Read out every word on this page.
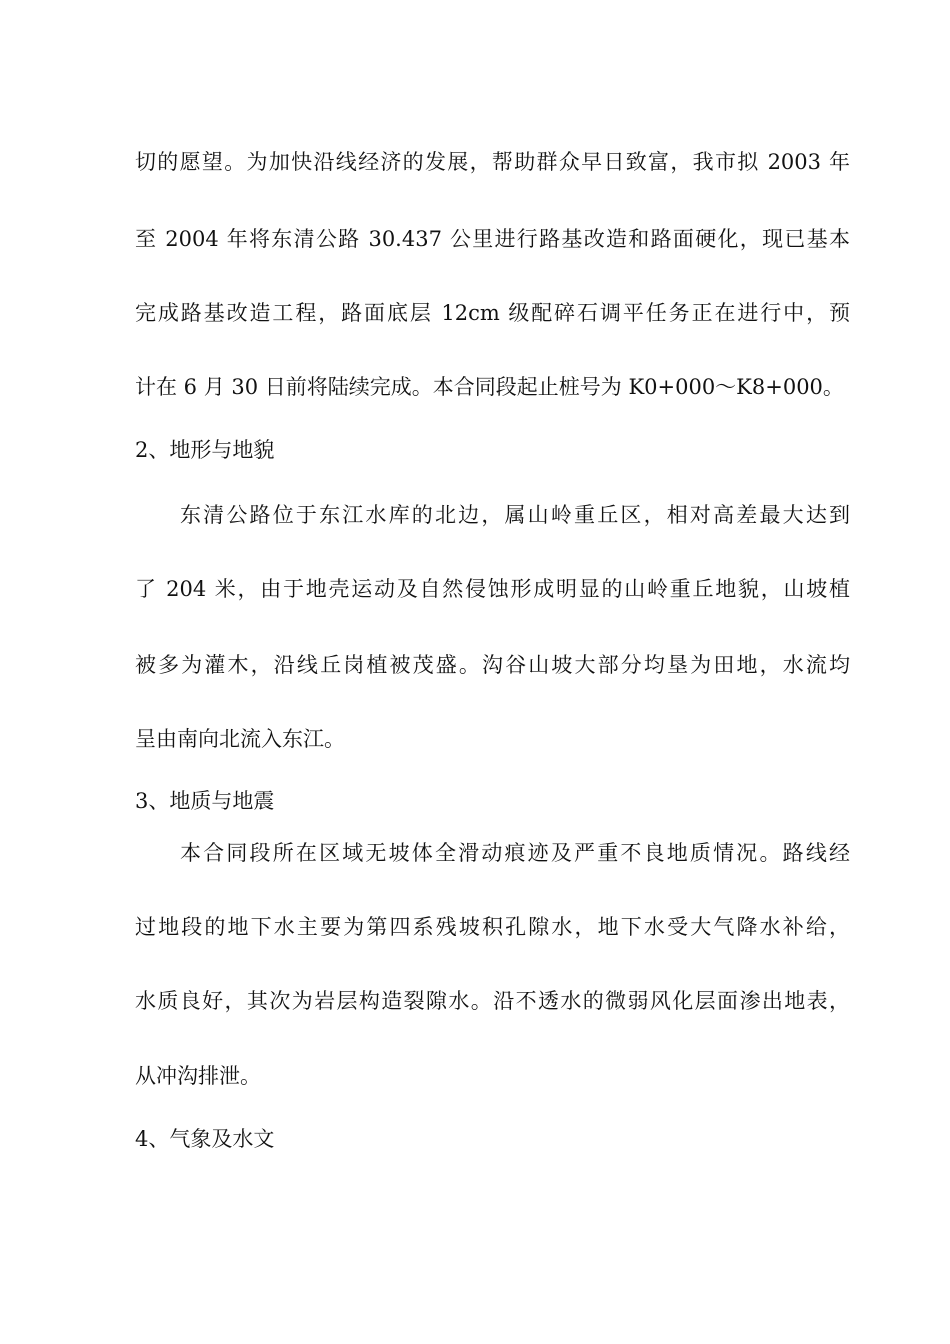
切的愿望。为加快沿线经济的发展，帮助群众早日致富，我市拟 2003 年
至 2004 年将东清公路 30.437 公里进行路基改造和路面硬化，现已基本
完成路基改造工程，路面底层 12cm 级配碎石调平任务正在进行中，预
计在 6 月 30 日前将陆续完成。本合同段起止桩号为 K0+000～K8+000。
2、地形与地貌
东清公路位于东江水库的北边，属山岭重丘区，相对高差最大达到
了 204 米，由于地壳运动及自然侵蚀形成明显的山岭重丘地貌，山坡植
被多为灌木，沿线丘岗植被茂盛。沟谷山坡大部分均垦为田地，水流均
呈由南向北流入东江。
3、地质与地震
本合同段所在区域无坡体全滑动痕迹及严重不良地质情况。路线经
过地段的地下水主要为第四系残坡积孔隙水，地下水受大气降水补给，
水质良好，其次为岩层构造裂隙水。沿不透水的微弱风化层面渗出地表，
从冲沟排泄。
4、气象及水文
